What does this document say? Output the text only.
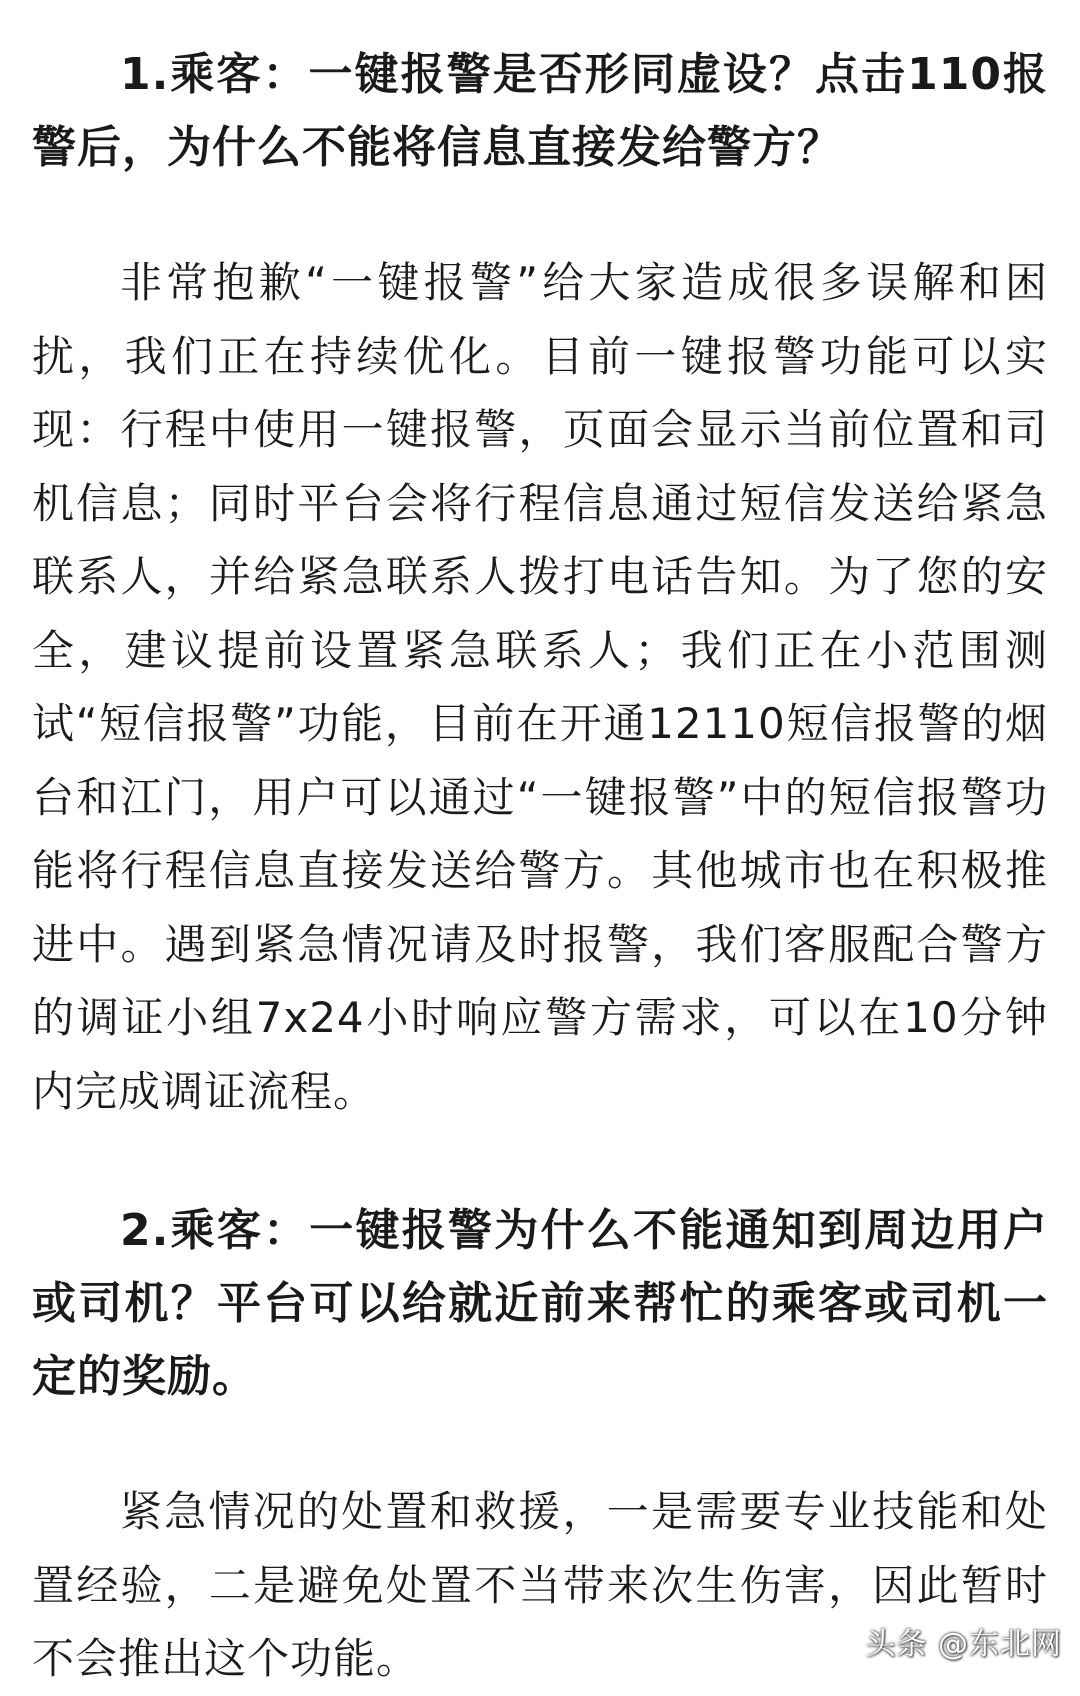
1.乘客：一键报警是否形同虚设？点击110报警后，为什么不能将信息直接发给警方？

非常抱歉“一键报警”给大家造成很多误解和困扰，我们正在持续优化。目前一键报警功能可以实现：行程中使用一键报警，页面会显示当前位置和司机信息；同时平台会将行程信息通过短信发送给紧急联系人，并给紧急联系人拨打电话告知。为了您的安全，建议提前设置紧急联系人；我们正在小范围测试“短信报警”功能，目前在开通12110短信报警的烟台和江门，用户可以通过“一键报警”中的短信报警功能将行程信息直接发送给警方。其他城市也在积极推进中。遇到紧急情况请及时报警，我们客服配合警方的调证小组7x24小时响应警方需求，可以在10分钟内完成调证流程。

2.乘客：一键报警为什么不能通知到周边用户或司机？平台可以给就近前来帮忙的乘客或司机一定的奖励。

紧急情况的处置和救援，一是需要专业技能和处置经验，二是避免处置不当带来次生伤害，因此暂时不会推出这个功能。	头条 @东北网
